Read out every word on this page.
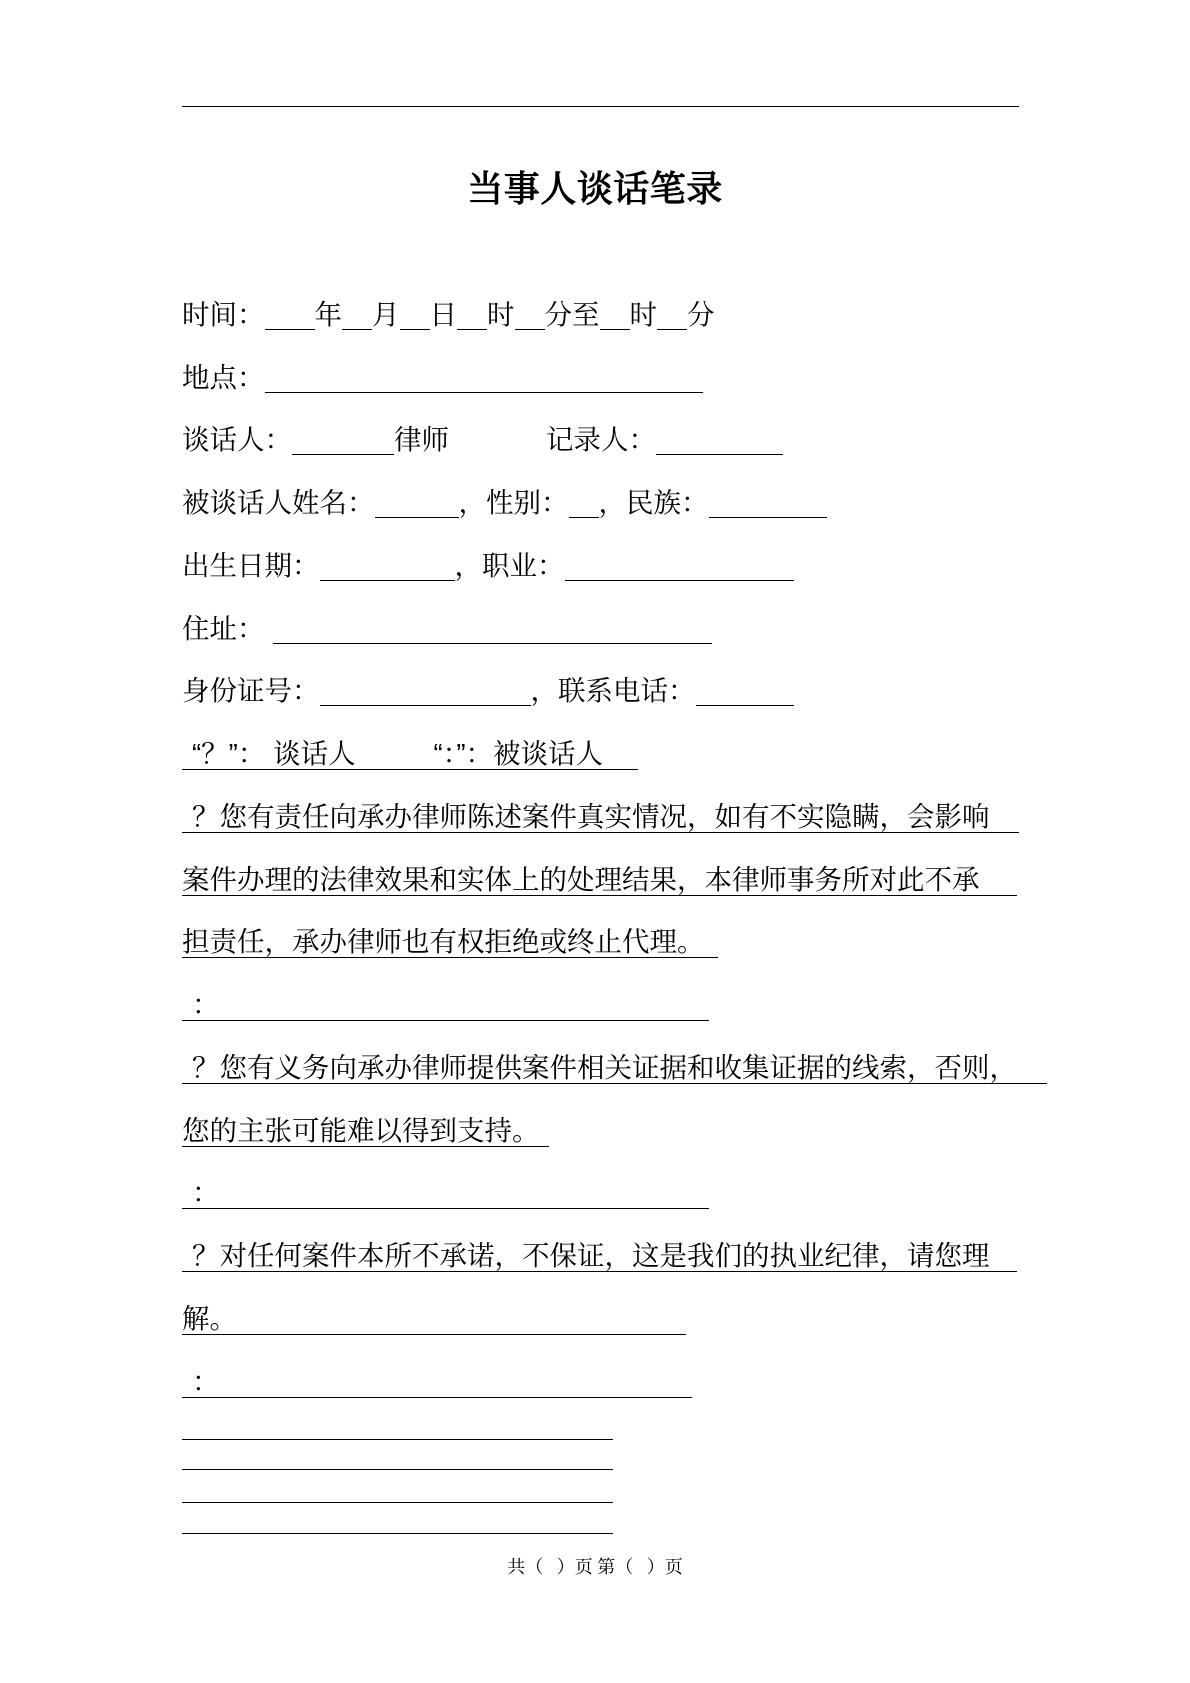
当事人谈话笔录
时间： 年 月 日 时 分至 时 分
地点：
谈话人：	律师	记录人：
被谈话人姓名：	，性别： ，民族：
出生日期：	，职业：
住址：
身份证号：	，联系电话：
“？”： 谈话人	“：”：被谈话人
？您有责任向承办律师陈述案件真实情况，如有不实隐瞒，会影响
案件办理的法律效果和实体上的处理结果，本律师事务所对此不承
担责任，承办律师也有权拒绝或终止代理。
：
？您有义务向承办律师提供案件相关证据和收集证据的线索，否则，
您的主张可能难以得到支持。
：
？对任何案件本所不承诺，不保证，这是我们的执业纪律，请您理
解。
：
共（   ）页 第（   ）页
